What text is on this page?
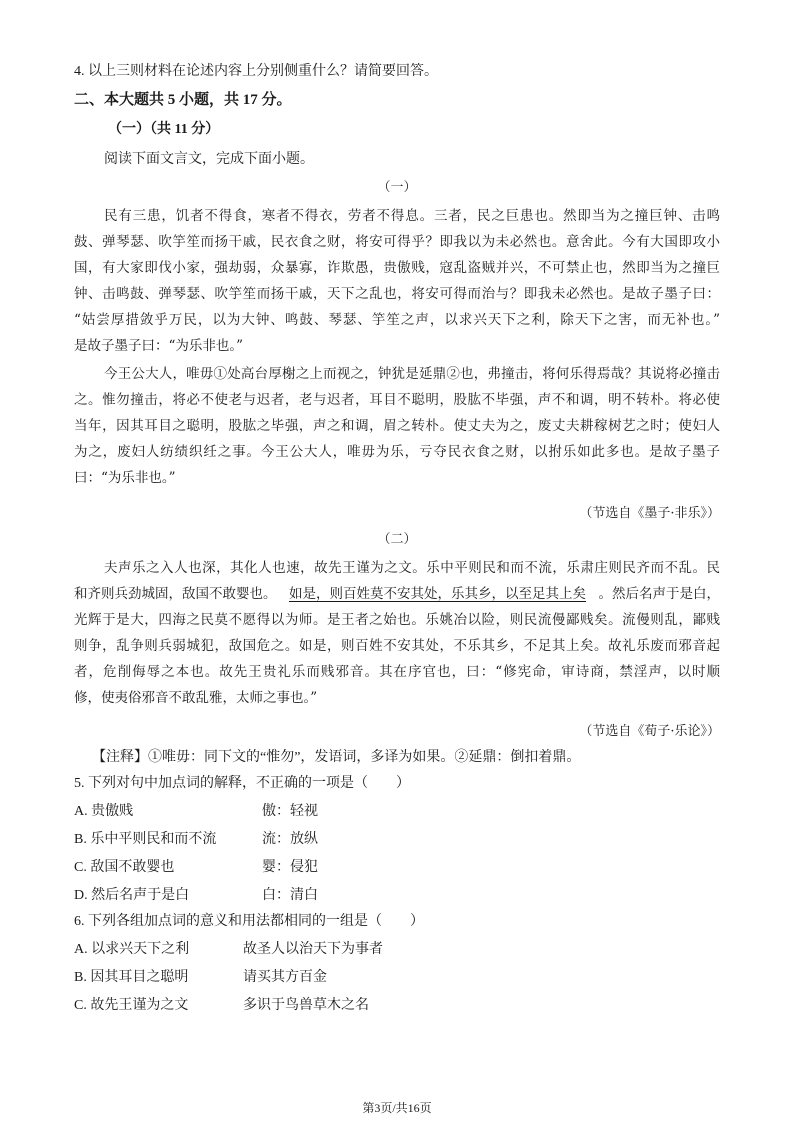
4. 以上三则材料在论述内容上分别侧重什么？请简要回答。
二、本大题共 5 小题，共 17 分。
（一）（共 11 分）
阅读下面文言文，完成下面小题。
（一）
民有三患，饥者不得食，寒者不得衣，劳者不得息。三者，民之巨患也。然即当为之撞巨钟、击鸣
鼓、弹琴瑟、吹竽笙而扬干戚，民衣食之财，将安可得乎？即我以为未必然也。意舍此。今有大国即攻小
国，有大家即伐小家，强劫弱，众暴寡，诈欺愚，贵傲贱，寇乱盗贼并兴，不可禁止也，然即当为之撞巨
钟、击鸣鼓、弹琴瑟、吹竽笙而扬干戚，天下之乱也，将安可得而治与？即我未必然也。是故子墨子曰：
“姑尝厚措敛乎万民，以为大钟、鸣鼓、琴瑟、竽笙之声，以求兴天下之利，除天下之害，而无补也。”
是故子墨子曰：“为乐非也。”
今王公大人，唯毋①处高台厚榭之上而视之，钟犹是延鼎②也，弗撞击，将何乐得焉哉？其说将必撞击
之。惟勿撞击，将必不使老与迟者，老与迟者，耳目不聪明，股肱不毕强，声不和调，明不转朴。将必使
当年，因其耳目之聪明，股肱之毕强，声之和调，眉之转朴。使丈夫为之，废丈夫耕稼树艺之时；使妇人
为之，废妇人纺绩织纴之事。今王公大人，唯毋为乐，亏夺民衣食之财，以拊乐如此多也。是故子墨子
曰：“为乐非也。”
（节选自《墨子·非乐》）
（二）
夫声乐之入人也深，其化人也速，故先王谨为之文。乐中平则民和而不流，乐肃庄则民齐而不乱。民
和齐则兵劲城固，敌国不敢婴也。 如是，则百姓莫不安其处，乐其乡，以至足其上矣 。然后名声于是白，
光辉于是大，四海之民莫不愿得以为师。是王者之始也。乐姚冶以险，则民流僈鄙贱矣。流僈则乱，鄙贱
则争，乱争则兵弱城犯，敌国危之。如是，则百姓不安其处，不乐其乡，不足其上矣。故礼乐废而邪音起
者，危削侮辱之本也。故先王贵礼乐而贱邪音。其在序官也，曰：“修宪命，审诗商，禁淫声，以时顺
修，使夷俗邪音不敢乱雅，太师之事也。”
（节选自《荀子·乐论》）
【注释】①唯毋：同下文的“惟勿”，发语词，多译为如果。②延鼎：倒扣着鼎。
5. 下列对句中加点词的解释，不正确的一项是（　　）
A. 贵傲贱	傲：轻视
B. 乐中平则民和而不流	流：放纵
C. 敌国不敢婴也	婴：侵犯
D. 然后名声于是白	白：清白
6. 下列各组加点词的意义和用法都相同的一组是（　　）
A. 以求兴天下之利	故圣人以治天下为事者
B. 因其耳目之聪明	请买其方百金
C. 故先王谨为之文	多识于鸟兽草木之名
第3页/共16页
